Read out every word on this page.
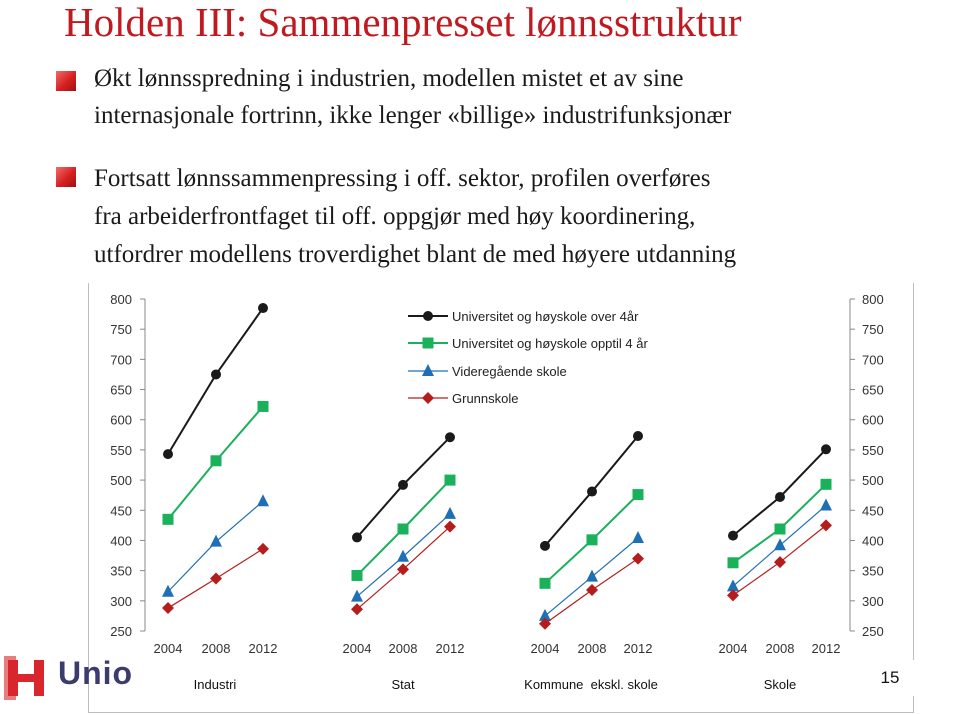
Holden III: Sammenpresset lønnsstruktur
Økt lønnsspredning i industrien, modellen mistet et av sine
internasjonale fortrinn, ikke lenger «billige» industrifunksjonær
Fortsatt lønnssammenpressing i off. sektor, profilen overføres
fra arbeiderfrontfaget til off. oppgjør med høy koordinering,
utfordrer modellens troverdighet blant de med høyere utdanning
800	800
750	750
700	700
650	650
600	600
550	550
500	500
450	450
400	400
350	350
300	300
250	250
2004 2008 2012
Industri
2004 2008 2012
Stat
2004 2008 2012
Kommune  ekskl. skole
2004 2008 2012
Skole
Universitet og høyskole over 4år
Universitet og høyskole opptil 4 år
Videregående skole
Grunnskole
Unio	15
